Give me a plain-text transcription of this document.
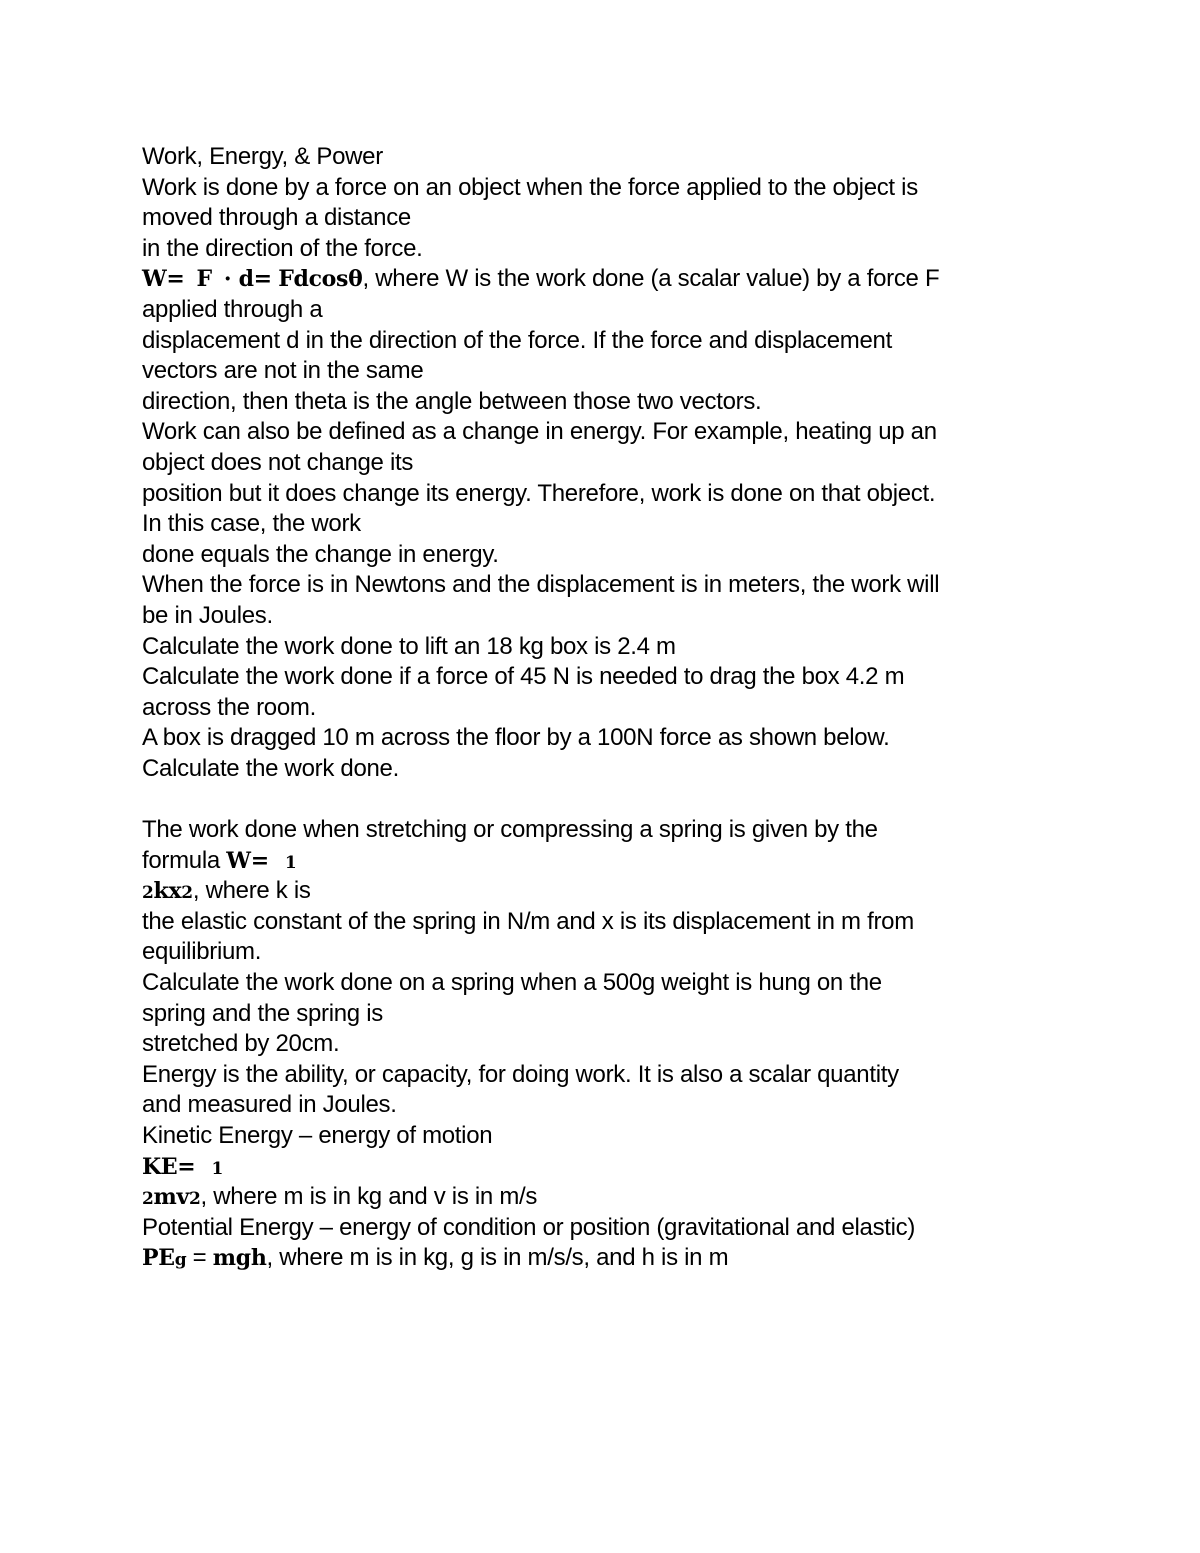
Work, Energy, & Power
Work is done by a force on an object when the force applied to the object is
moved through a distance
in the direction of the force.
W= F · d= Fdcosθ, where W is the work done (a scalar value) by a force F
applied through a
displacement d in the direction of the force. If the force and displacement
vectors are not in the same
direction, then theta is the angle between those two vectors.
Work can also be defined as a change in energy. For example, heating up an
object does not change its
position but it does change its energy. Therefore, work is done on that object.
In this case, the work
done equals the change in energy.
When the force is in Newtons and the displacement is in meters, the work will
be in Joules.
Calculate the work done to lift an 18 kg box is 2.4 m
Calculate the work done if a force of 45 N is needed to drag the box 4.2 m
across the room.
A box is dragged 10 m across the floor by a 100N force as shown below.
Calculate the work done.
The work done when stretching or compressing a spring is given by the
formula W= 1
2kx2, where k is
the elastic constant of the spring in N/m and x is its displacement in m from
equilibrium.
Calculate the work done on a spring when a 500g weight is hung on the
spring and the spring is
stretched by 20cm.
Energy is the ability, or capacity, for doing work. It is also a scalar quantity
and measured in Joules.
Kinetic Energy – energy of motion
KE= 1
2mv2, where m is in kg and v is in m/s
Potential Energy – energy of condition or position (gravitational and elastic)
PEg = mgh, where m is in kg, g is in m/s/s, and h is in m
